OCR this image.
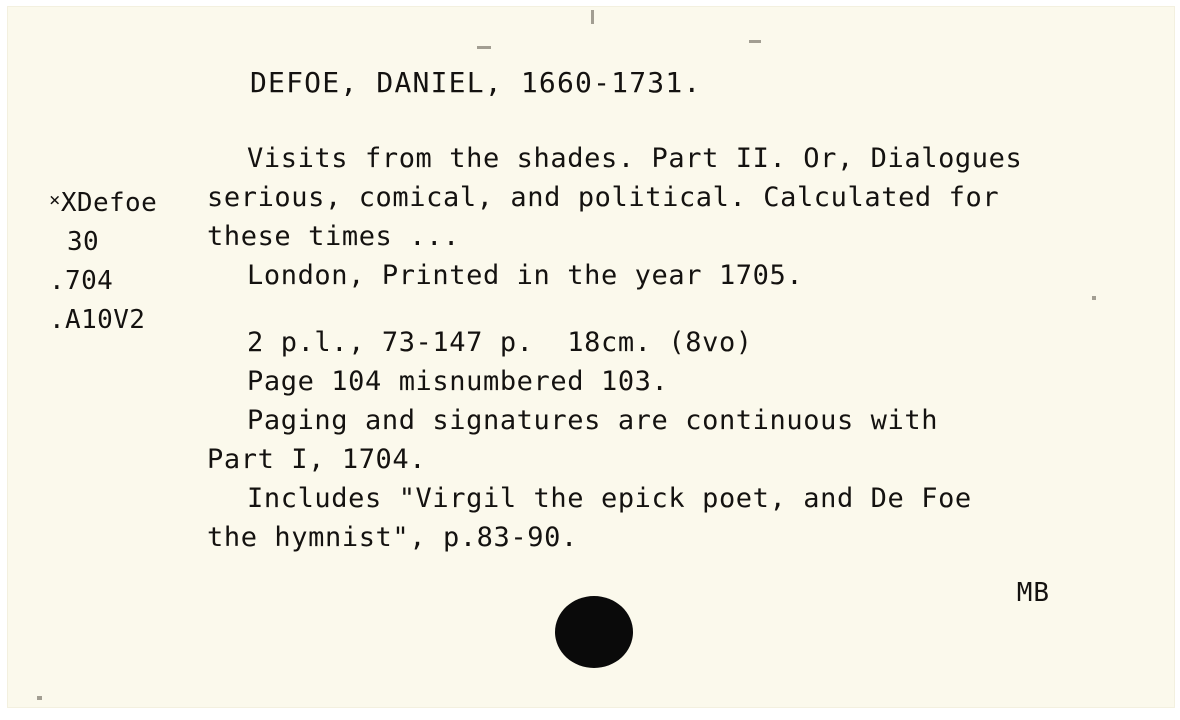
DEFOE, DANIEL, 1660-1731.
×XDefoe
30
.704
.A10V2
Visits from the shades. Part II. Or, Dialogues
serious, comical, and political. Calculated for
these times ...
London, Printed in the year 1705.
2 p.l., 73-147 p.  18cm. (8vo)
Page 104 misnumbered 103.
Paging and signatures are continuous with
Part I, 1704.
Includes "Virgil the epick poet, and De Foe
the hymnist", p.83-90.
MB
